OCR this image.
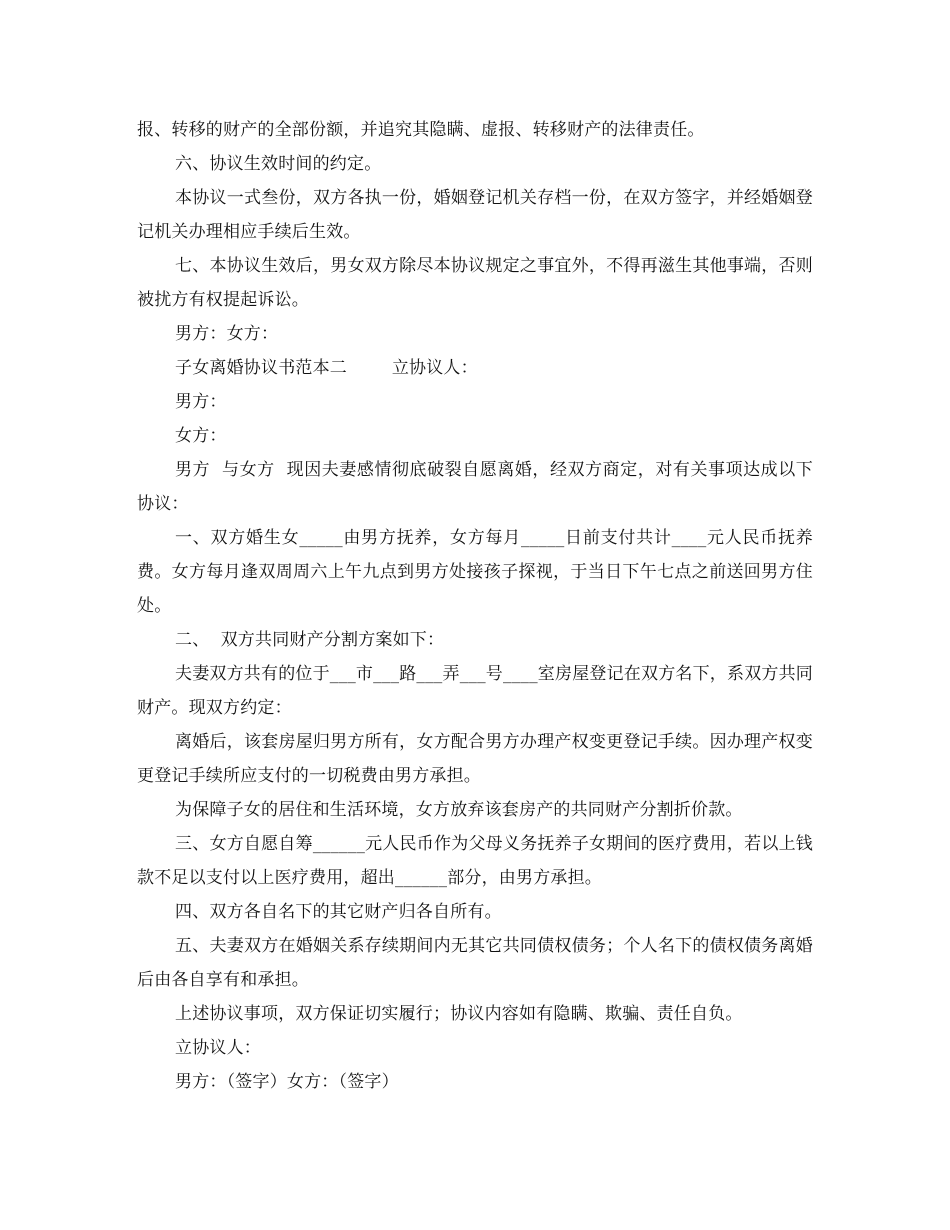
报、转移的财产的全部份额，并追究其隐瞒、虚报、转移财产的法律责任。

六、协议生效时间的约定。

本协议一式叁份，双方各执一份，婚姻登记机关存档一份，在双方签字，并经婚姻登记机关办理相应手续后生效。

七、本协议生效后，男女双方除尽本协议规定之事宜外，不得再滋生其他事端，否则被扰方有权提起诉讼。

男方：女方：

子女离婚协议书范本二        立协议人：

男方：

女方：

男方  与女方  现因夫妻感情彻底破裂自愿离婚，经双方商定，对有关事项达成以下协议：

一、双方婚生女_____由男方抚养，女方每月_____日前支付共计____元人民币抚养费。女方每月逢双周周六上午九点到男方处接孩子探视，于当日下午七点之前送回男方住处。

二、  双方共同财产分割方案如下：

夫妻双方共有的位于___市___路___弄___号____室房屋登记在双方名下，系双方共同财产。现双方约定：

离婚后，该套房屋归男方所有，女方配合男方办理产权变更登记手续。因办理产权变更登记手续所应支付的一切税费由男方承担。

为保障子女的居住和生活环境，女方放弃该套房产的共同财产分割折价款。

三、女方自愿自筹______元人民币作为父母义务抚养子女期间的医疗费用，若以上钱款不足以支付以上医疗费用，超出______部分，由男方承担。

四、双方各自名下的其它财产归各自所有。

五、夫妻双方在婚姻关系存续期间内无其它共同债权债务；个人名下的债权债务离婚后由各自享有和承担。

上述协议事项，双方保证切实履行；协议内容如有隐瞒、欺骗、责任自负。

立协议人：

男方：（签字）女方：（签字）
